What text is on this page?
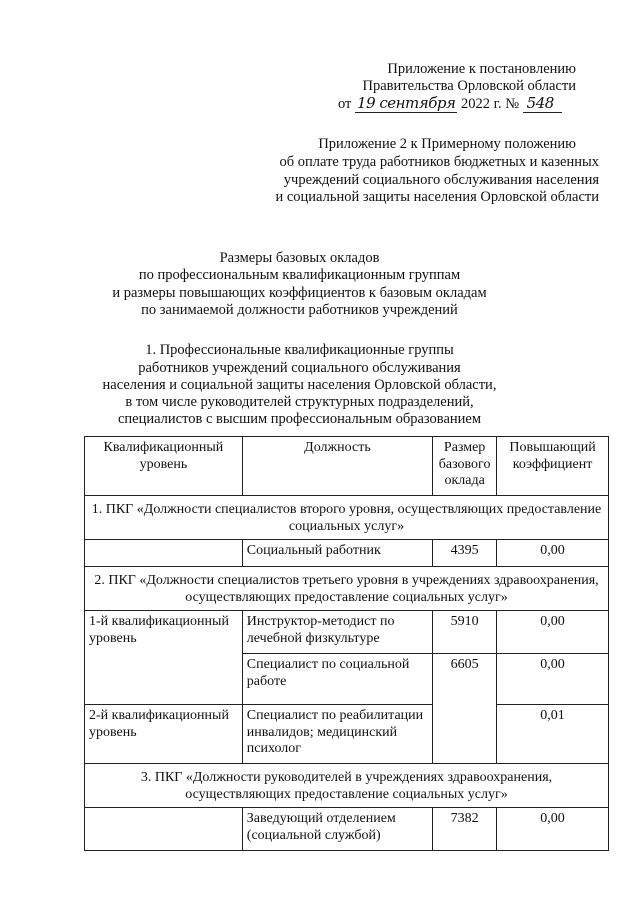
Приложение к постановлению
Правительства Орловской области
от 19 сентября 2022 г. № 548
Приложение 2 к Примерному положению
об оплате труда работников бюджетных и казенных
учреждений социального обслуживания населения
и социальной защиты населения Орловской области
Размеры базовых окладов
по профессиональным квалификационным группам
и размеры повышающих коэффициентов к базовым окладам
по занимаемой должности работников учреждений
1. Профессиональные квалификационные группы
работников учреждений социального обслуживания
населения и социальной защиты населения Орловской области,
в том числе руководителей структурных подразделений,
специалистов с высшим профессиональным образованием
Квалификационный уровень	Должность	Размер базового оклада	Повышающий коэффициент
1. ПКГ «Должности специалистов второго уровня, осуществляющих предоставление социальных услуг»			
	Социальный работник	4395	0,00
2. ПКГ «Должности специалистов третьего уровня в учреждениях здравоохранения, осуществляющих предоставление социальных услуг»			
1-й квалификационный уровень	Инструктор-методист по лечебной физкультуре	5910	0,00
	Специалист по социальной работе	6605	0,00
2-й квалификационный уровень	Специалист по реабилитации инвалидов; медицинский психолог		0,01
3. ПКГ «Должности руководителей в учреждениях здравоохранения, осуществляющих предоставление социальных услуг»			
	Заведующий отделением (социальной службой)	7382	0,00
